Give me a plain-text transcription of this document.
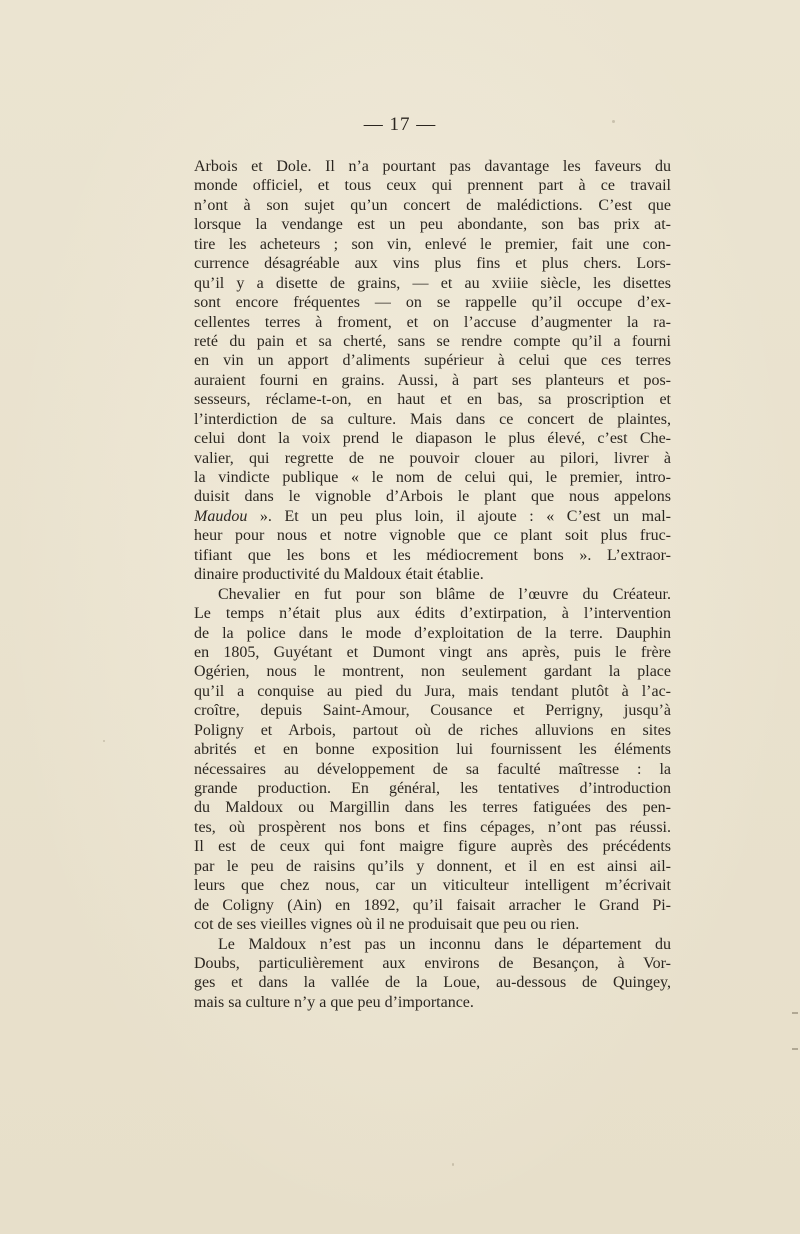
— 17 —
Arbois et Dole. Il n’a pourtant pas davantage les faveurs du
monde officiel, et tous ceux qui prennent part à ce travail
n’ont à son sujet qu’un concert de malédictions. C’est que
lorsque la vendange est un peu abondante, son bas prix at-
tire les acheteurs ; son vin, enlevé le premier, fait une con-
currence désagréable aux vins plus fins et plus chers. Lors-
qu’il y a disette de grains, — et au xviiie siècle, les disettes
sont encore fréquentes — on se rappelle qu’il occupe d’ex-
cellentes terres à froment, et on l’accuse d’augmenter la ra-
reté du pain et sa cherté, sans se rendre compte qu’il a fourni
en vin un apport d’aliments supérieur à celui que ces terres
auraient fourni en grains. Aussi, à part ses planteurs et pos-
sesseurs, réclame-t-on, en haut et en bas, sa proscription et
l’interdiction de sa culture. Mais dans ce concert de plaintes,
celui dont la voix prend le diapason le plus élevé, c’est Che-
valier, qui regrette de ne pouvoir clouer au pilori, livrer à
la vindicte publique « le nom de celui qui, le premier, intro-
duisit dans le vignoble d’Arbois le plant que nous appelons
Maudou ». Et un peu plus loin, il ajoute : « C’est un mal-
heur pour nous et notre vignoble que ce plant soit plus fruc-
tifiant que les bons et les médiocrement bons ». L’extraor-
dinaire productivité du Maldoux était établie.
Chevalier en fut pour son blâme de l’œuvre du Créateur.
Le temps n’était plus aux édits d’extirpation, à l’intervention
de la police dans le mode d’exploitation de la terre. Dauphin
en 1805, Guyétant et Dumont vingt ans après, puis le frère
Ogérien, nous le montrent, non seulement gardant la place
qu’il a conquise au pied du Jura, mais tendant plutôt à l’ac-
croître, depuis Saint-Amour, Cousance et Perrigny, jusqu’à
Poligny et Arbois, partout où de riches alluvions en sites
abrités et en bonne exposition lui fournissent les éléments
nécessaires au développement de sa faculté maîtresse : la
grande production. En général, les tentatives d’introduction
du Maldoux ou Margillin dans les terres fatiguées des pen-
tes, où prospèrent nos bons et fins cépages, n’ont pas réussi.
Il est de ceux qui font maigre figure auprès des précédents
par le peu de raisins qu’ils y donnent, et il en est ainsi ail-
leurs que chez nous, car un viticulteur intelligent m’écrivait
de Coligny (Ain) en 1892, qu’il faisait arracher le Grand Pi-
cot de ses vieilles vignes où il ne produisait que peu ou rien.
Le Maldoux n’est pas un inconnu dans le département du
Doubs, particulièrement aux environs de Besançon, à Vor-
ges et dans la vallée de la Loue, au-dessous de Quingey,
mais sa culture n’y a que peu d’importance.
